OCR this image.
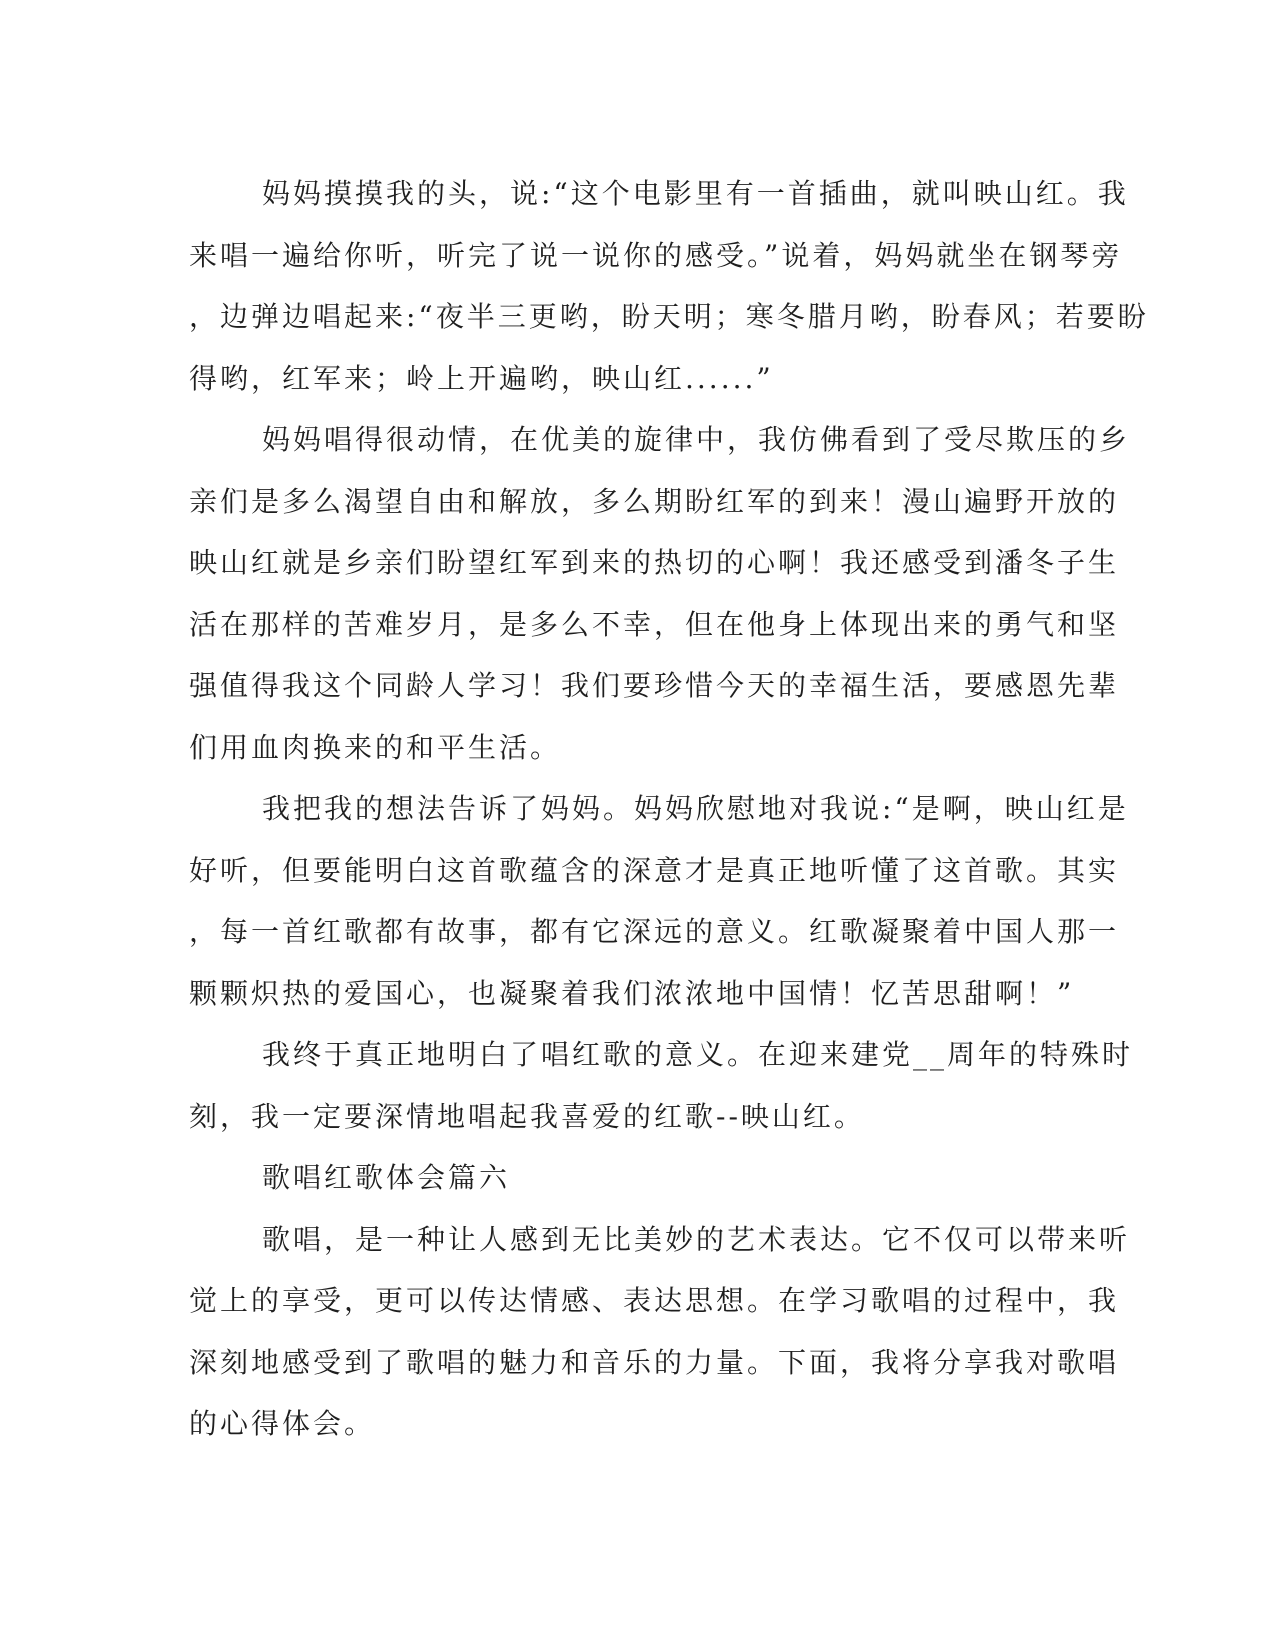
妈妈摸摸我的头，说:“这个电影里有一首插曲，就叫映山红。我
来唱一遍给你听，听完了说一说你的感受。”说着，妈妈就坐在钢琴旁
，边弹边唱起来:“夜半三更哟，盼天明；寒冬腊月哟，盼春风；若要盼
得哟，红军来；岭上开遍哟，映山红......”
妈妈唱得很动情，在优美的旋律中，我仿佛看到了受尽欺压的乡
亲们是多么渴望自由和解放，多么期盼红军的到来！漫山遍野开放的
映山红就是乡亲们盼望红军到来的热切的心啊！我还感受到潘冬子生
活在那样的苦难岁月，是多么不幸，但在他身上体现出来的勇气和坚
强值得我这个同龄人学习！我们要珍惜今天的幸福生活，要感恩先辈
们用血肉换来的和平生活。
我把我的想法告诉了妈妈。妈妈欣慰地对我说:“是啊，映山红是
好听，但要能明白这首歌蕴含的深意才是真正地听懂了这首歌。其实
，每一首红歌都有故事，都有它深远的意义。红歌凝聚着中国人那一
颗颗炽热的爱国心，也凝聚着我们浓浓地中国情！忆苦思甜啊！”
我终于真正地明白了唱红歌的意义。在迎来建党__周年的特殊时
刻，我一定要深情地唱起我喜爱的红歌--映山红。
歌唱红歌体会篇六
歌唱，是一种让人感到无比美妙的艺术表达。它不仅可以带来听
觉上的享受，更可以传达情感、表达思想。在学习歌唱的过程中，我
深刻地感受到了歌唱的魅力和音乐的力量。下面，我将分享我对歌唱
的心得体会。
